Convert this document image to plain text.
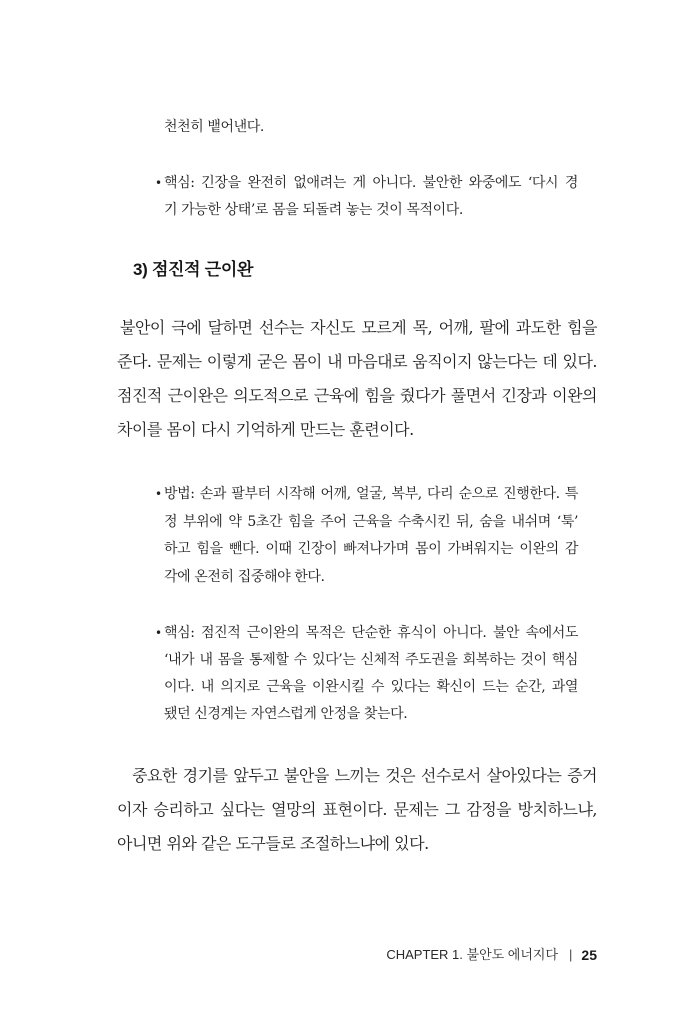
천천히 뱉어낸다.
• 핵심: 긴장을 완전히 없애려는 게 아니다. 불안한 와중에도 ‘다시 경
기 가능한 상태’로 몸을 되돌려 놓는 것이 목적이다.
3) 점진적 근이완
불안이 극에 달하면 선수는 자신도 모르게 목, 어깨, 팔에 과도한 힘을
준다. 문제는 이렇게 굳은 몸이 내 마음대로 움직이지 않는다는 데 있다.
점진적 근이완은 의도적으로 근육에 힘을 줬다가 풀면서 긴장과 이완의
차이를 몸이 다시 기억하게 만드는 훈련이다.
• 방법: 손과 팔부터 시작해 어깨, 얼굴, 복부, 다리 순으로 진행한다. 특
정 부위에 약 5초간 힘을 주어 근육을 수축시킨 뒤, 숨을 내쉬며 ‘툭’
하고 힘을 뺀다. 이때 긴장이 빠져나가며 몸이 가벼워지는 이완의 감
각에 온전히 집중해야 한다.
• 핵심: 점진적 근이완의 목적은 단순한 휴식이 아니다. 불안 속에서도
‘내가 내 몸을 통제할 수 있다’는 신체적 주도권을 회복하는 것이 핵심
이다. 내 의지로 근육을 이완시킬 수 있다는 확신이 드는 순간, 과열
됐던 신경계는 자연스럽게 안정을 찾는다.
중요한 경기를 앞두고 불안을 느끼는 것은 선수로서 살아있다는 증거
이자 승리하고 싶다는 열망의 표현이다. 문제는 그 감정을 방치하느냐,
아니면 위와 같은 도구들로 조절하느냐에 있다.
CHAPTER 1. 불안도 에너지다 | 25
